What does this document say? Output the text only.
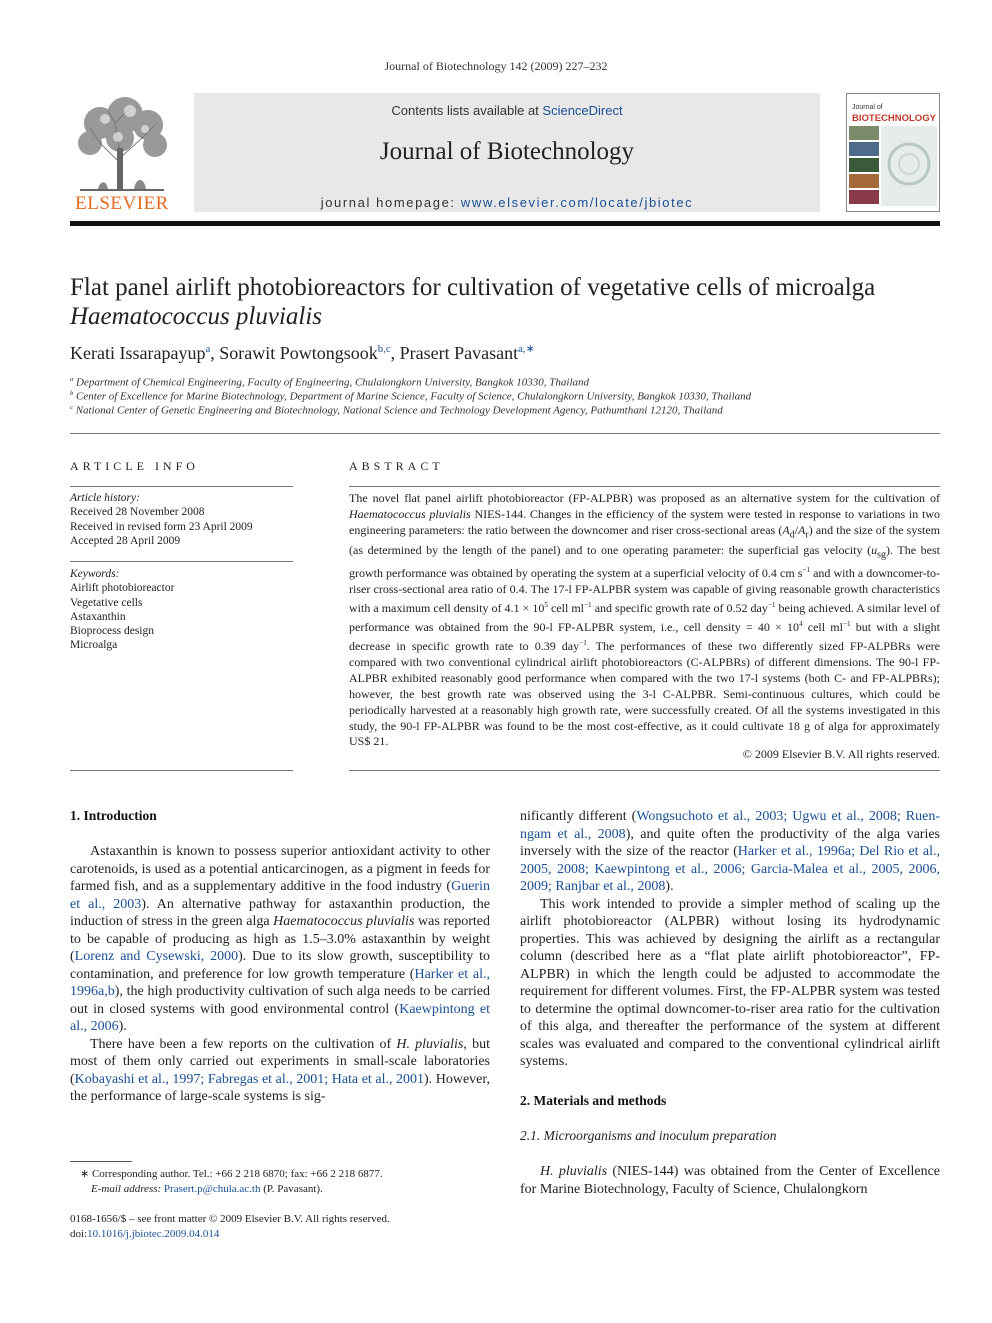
Journal of Biotechnology 142 (2009) 227–232
ELSEVIER
Contents lists available at ScienceDirect
Journal of Biotechnology
journal homepage: www.elsevier.com/locate/jbiotec
Journal of
BIOTECHNOLOGY
Flat panel airlift photobioreactors for cultivation of vegetative cells of microalga
Haematococcus pluvialis
Kerati Issarapayup$^a$, Sorawit Powtongsook$^{b,c}$, Prasert Pavasant$^{a,∗}$
$^a$ Department of Chemical Engineering, Faculty of Engineering, Chulalongkorn University, Bangkok 10330, Thailand
$^b$ Center of Excellence for Marine Biotechnology, Department of Marine Science, Faculty of Science, Chulalongkorn University, Bangkok 10330, Thailand
$^c$ National Center of Genetic Engineering and Biotechnology, National Science and Technology Development Agency, Pathumthani 12120, Thailand
ARTICLE INFO
Article history:
Received 28 November 2008
Received in revised form 23 April 2009
Accepted 28 April 2009
Keywords:
Airlift photobioreactor
Vegetative cells
Astaxanthin
Bioprocess design
Microalga
ABSTRACT
The novel flat panel airlift photobioreactor (FP-ALPBR) was proposed as an alternative system for the cultivation of Haematococcus pluvialis NIES-144. Changes in the efficiency of the system were tested in response to variations in two engineering parameters: the ratio between the downcomer and riser cross-sectional areas $(A_d/A_r)$ and the size of the system (as determined by the length of the panel) and to one operating parameter: the superficial gas velocity $(u_{sg})$. The best growth performance was obtained by operating the system at a superficial velocity of 0.4 cm $s^{-1}$ and with a downcomer-to-riser cross-sectional area ratio of 0.4. The 17-l FP-ALPBR system was capable of giving reasonable growth characteristics with a maximum cell density of $4.1 \times 10^5$ cell $ml^{-1}$ and specific growth rate of 0.52 day$^{-1}$ being achieved. A similar level of performance was obtained from the 90-l FP-ALPBR system, i.e., cell density = $40 \times 10^4$ cell $ml^{-1}$ but with a slight decrease in specific growth rate to 0.39 day$^{-1}$. The performances of these two differently sized FP-ALPBRs were compared with two conventional cylindrical airlift photobioreactors (C-ALPBRs) of different dimensions. The 90-l FP-ALPBR exhibited reasonably good performance when compared with the two 17-l systems (both C- and FP-ALPBRs); however, the best growth rate was observed using the 3-l C-ALPBR. Semi-continuous cultures, which could be periodically harvested at a reasonably high growth rate, were successfully created. Of all the systems investigated in this study, the 90-l FP-ALPBR was found to be the most cost-effective, as it could cultivate 18 g of alga for approximately US$ 21.
© 2009 Elsevier B.V. All rights reserved.
1. Introduction

Astaxanthin is known to possess superior antioxidant activity to other carotenoids, is used as a potential anticarcinogen, as a pigment in feeds for farmed fish, and as a supplementary additive in the food industry (Guerin et al., 2003). An alternative pathway for astaxanthin production, the induction of stress in the green alga Haematococcus pluvialis was reported to be capable of producing as high as 1.5–3.0% astaxanthin by weight (Lorenz and Cysewski, 2000). Due to its slow growth, susceptibility to contamination, and preference for low growth temperature (Harker et al., 1996a,b), the high productivity cultivation of such alga needs to be carried out in closed systems with good environmental control (Kaewpintong et al., 2006).

There have been a few reports on the cultivation of H. pluvialis, but most of them only carried out experiments in small-scale laboratories (Kobayashi et al., 1997; Fabregas et al., 2001; Hata et al., 2001). However, the performance of large-scale systems is sig-

nificantly different (Wongsuchoto et al., 2003; Ugwu et al., 2008; Ruen-ngam et al., 2008), and quite often the productivity of the alga varies inversely with the size of the reactor (Harker et al., 1996a; Del Rio et al., 2005, 2008; Kaewpintong et al., 2006; Garcia-Malea et al., 2005, 2006, 2009; Ranjbar et al., 2008).

This work intended to provide a simpler method of scaling up the airlift photobioreactor (ALPBR) without losing its hydrodynamic properties. This was achieved by designing the airlift as a rectangular column (described here as a “flat plate airlift photobioreactor”, FP-ALPBR) in which the length could be adjusted to accommodate the requirement for different volumes. First, the FP-ALPBR system was tested to determine the optimal downcomer-to-riser area ratio for the cultivation of this alga, and thereafter the performance of the system at different scales was evaluated and compared to the conventional cylindrical airlift systems.

2. Materials and methods
2.1. Microorganisms and inoculum preparation

H. pluvialis (NIES-144) was obtained from the Center of Excellence for Marine Biotechnology, Faculty of Science, Chulalongkorn

∗ Corresponding author. Tel.: +66 2 218 6870; fax: +66 2 218 6877.
E-mail address: Prasert.p@chula.ac.th (P. Pavasant).
0168-1656/$ – see front matter © 2009 Elsevier B.V. All rights reserved.
doi:10.1016/j.jbiotec.2009.04.014
